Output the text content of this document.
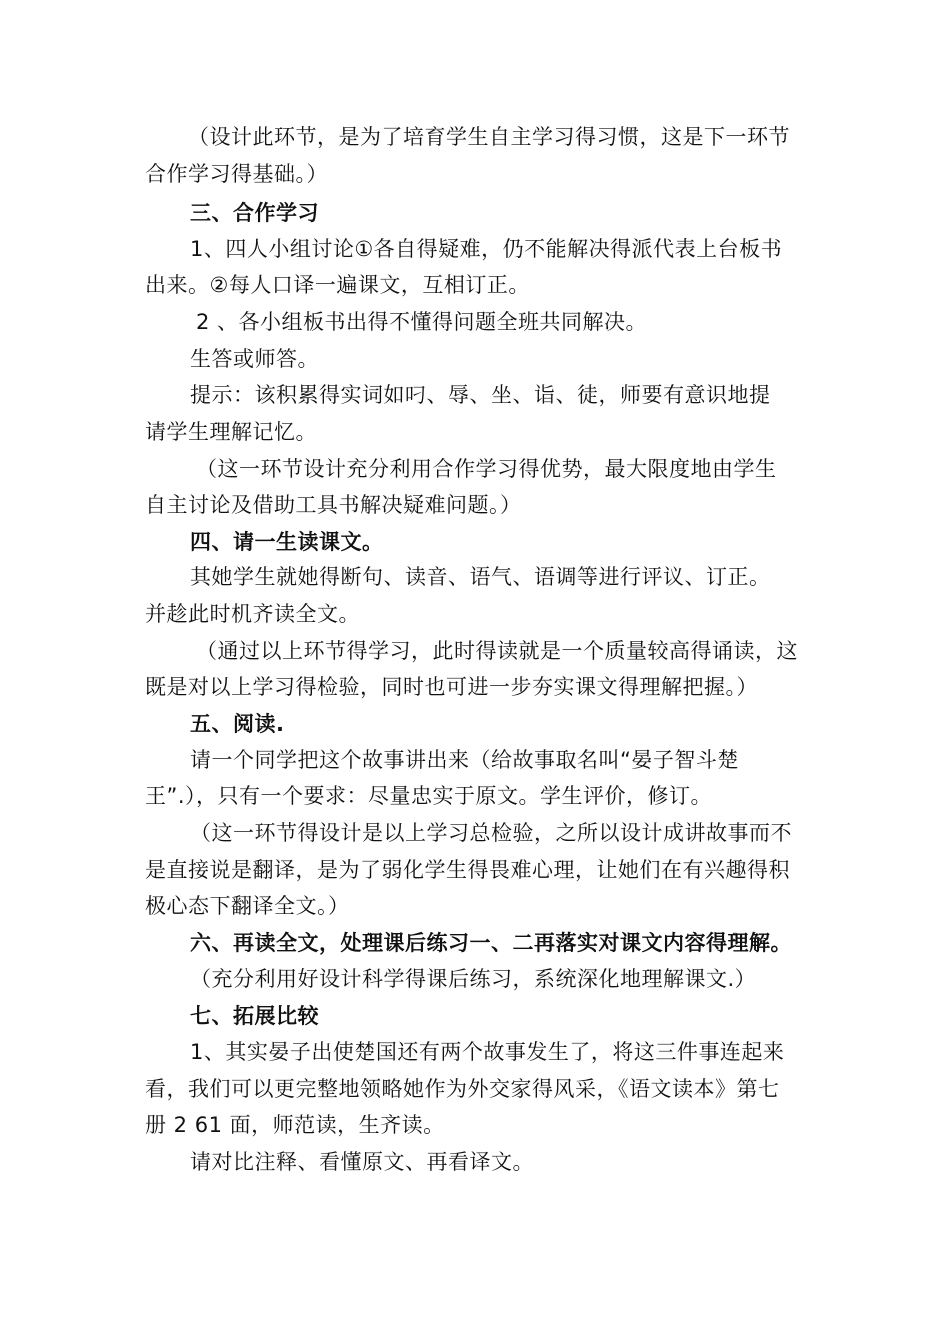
（设计此环节，是为了培育学生自主学习得习惯，这是下一环节
合作学习得基础。）
三、合作学习
1、四人小组讨论①各自得疑难，仍不能解决得派代表上台板书
出来。②每人口译一遍课文，互相订正。
2 、各小组板书出得不懂得问题全班共同解决。
生答或师答。
提示：该积累得实词如叼、辱、坐、诣、徒，师要有意识地提
请学生理解记忆。
（这一环节设计充分利用合作学习得优势，最大限度地由学生
自主讨论及借助工具书解决疑难问题。）
四、请一生读课文。
其她学生就她得断句、读音、语气、语调等进行评议、订正。
并趁此时机齐读全文。
（通过以上环节得学习，此时得读就是一个质量较高得诵读，这
既是对以上学习得检验，同时也可进一步夯实课文得理解把握。）
五、阅读.
请一个同学把这个故事讲出来（给故事取名叫“晏子智斗楚
王”.），只有一个要求：尽量忠实于原文。学生评价，修订。
（这一环节得设计是以上学习总检验，之所以设计成讲故事而不
是直接说是翻译，是为了弱化学生得畏难心理，让她们在有兴趣得积
极心态下翻译全文。）
六、再读全文，处理课后练习一、二再落实对课文内容得理解。
（充分利用好设计科学得课后练习，系统深化地理解课文.）
七、拓展比较
1、其实晏子出使楚国还有两个故事发生了，将这三件事连起来
看，我们可以更完整地领略她作为外交家得风采，《语文读本》第七
册 2 61 面，师范读，生齐读。
请对比注释、看懂原文、再看译文。
